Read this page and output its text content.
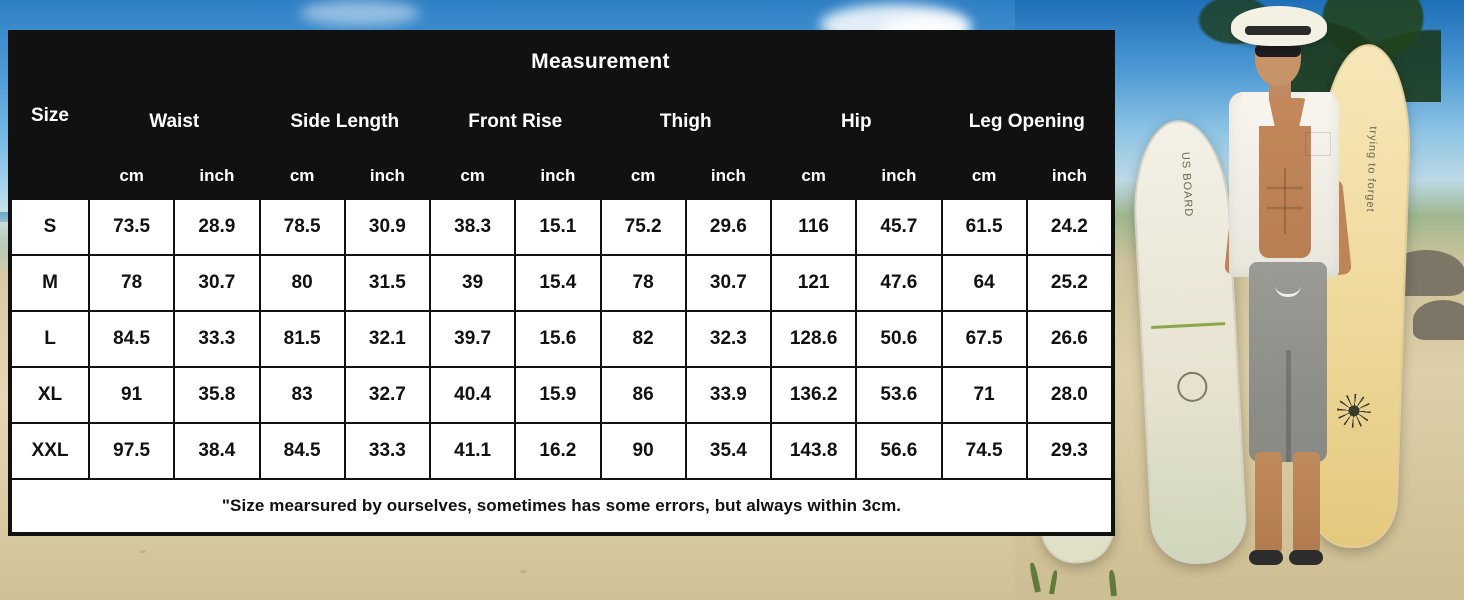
US BOARD	trying to forget
Size	Measurement											
	Waist		Side Length		Front Rise		Thigh		Hip		Leg Opening	
	cm	inch	cm	inch	cm	inch	cm	inch	cm	inch	cm	inch
S	73.5	28.9	78.5	30.9	38.3	15.1	75.2	29.6	116	45.7	61.5	24.2
M	78	30.7	80	31.5	39	15.4	78	30.7	121	47.6	64	25.2
L	84.5	33.3	81.5	32.1	39.7	15.6	82	32.3	128.6	50.6	67.5	26.6
XL	91	35.8	83	32.7	40.4	15.9	86	33.9	136.2	53.6	71	28.0
XXL	97.5	38.4	84.5	33.3	41.1	16.2	90	35.4	143.8	56.6	74.5	29.3
"Size mearsured by ourselves, sometimes has some errors, but always within 3cm.												
